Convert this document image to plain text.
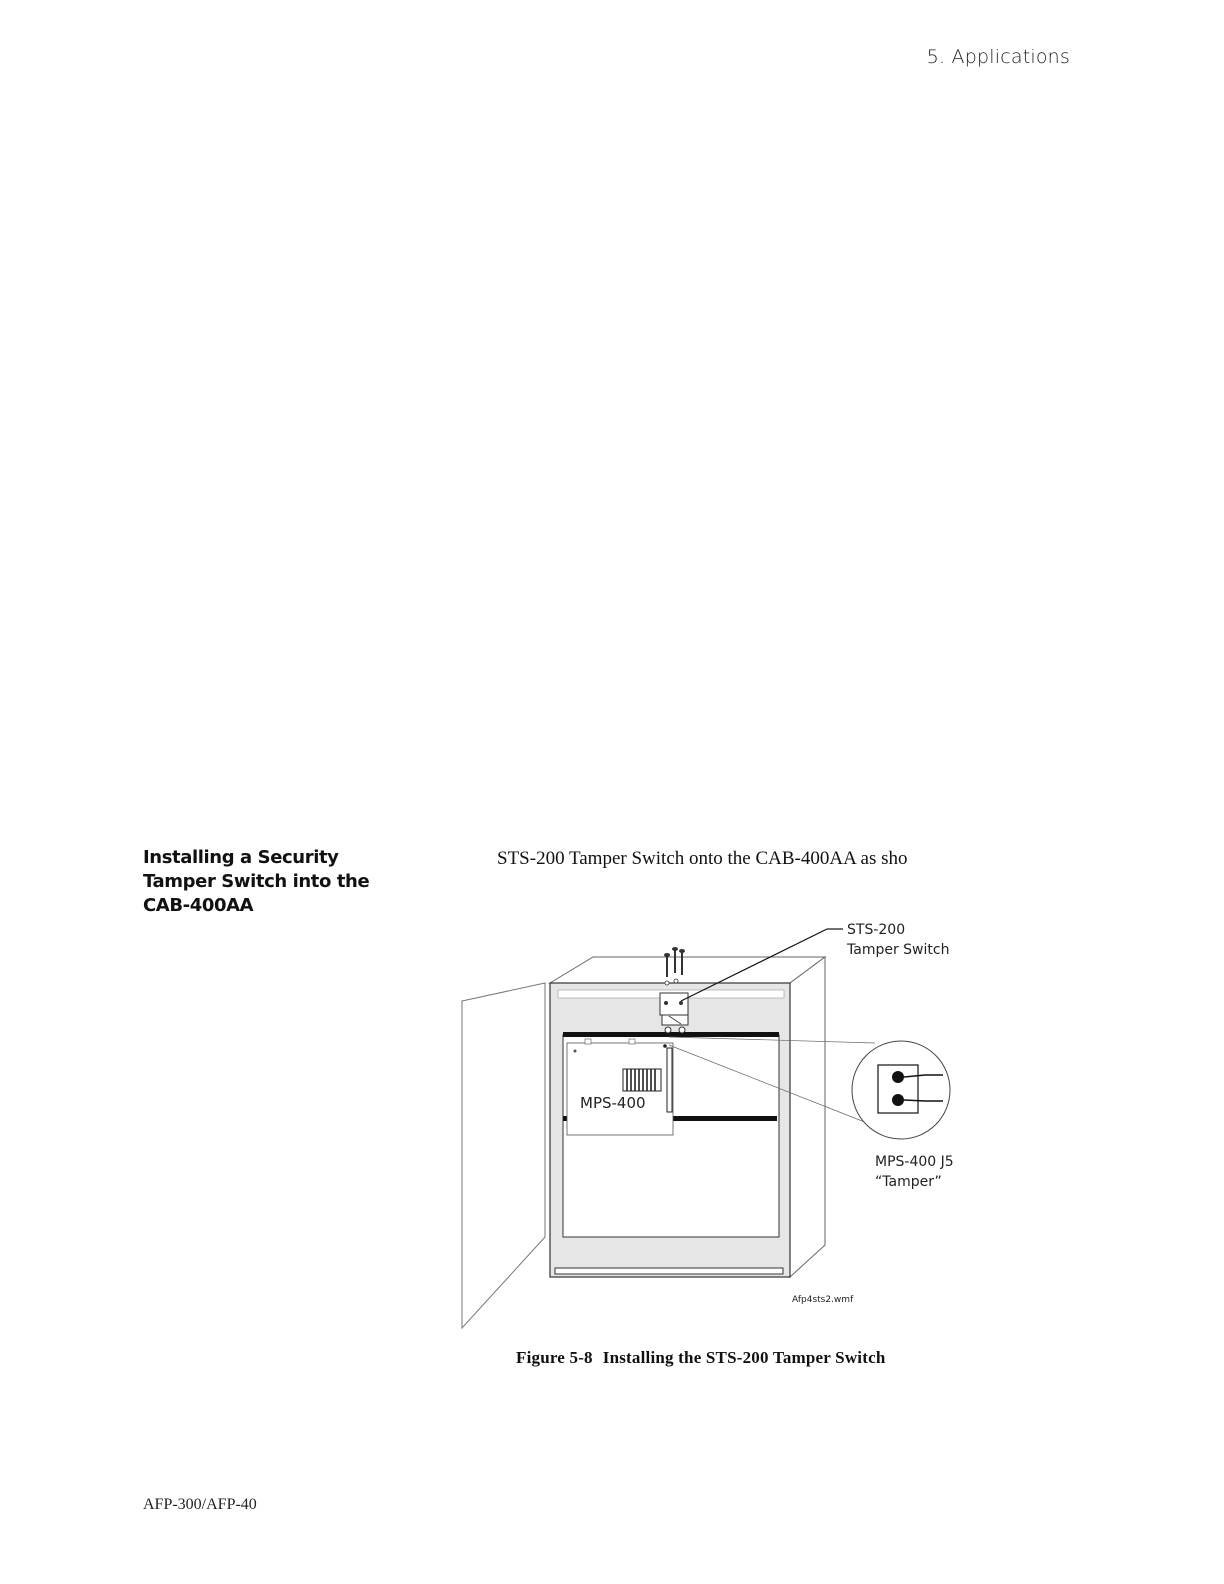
5. Applications
Installing a Security
Tamper Switch into the
CAB-400AA
STS-200 Tamper Switch onto the CAB-400AA as sho
STS-200
Tamper Switch
MPS-400
MPS-400 J5
“Tamper”
Afp4sts2.wmf
Figure 5-8 Installing the STS-200 Tamper Switch
AFP-300/AFP-40
